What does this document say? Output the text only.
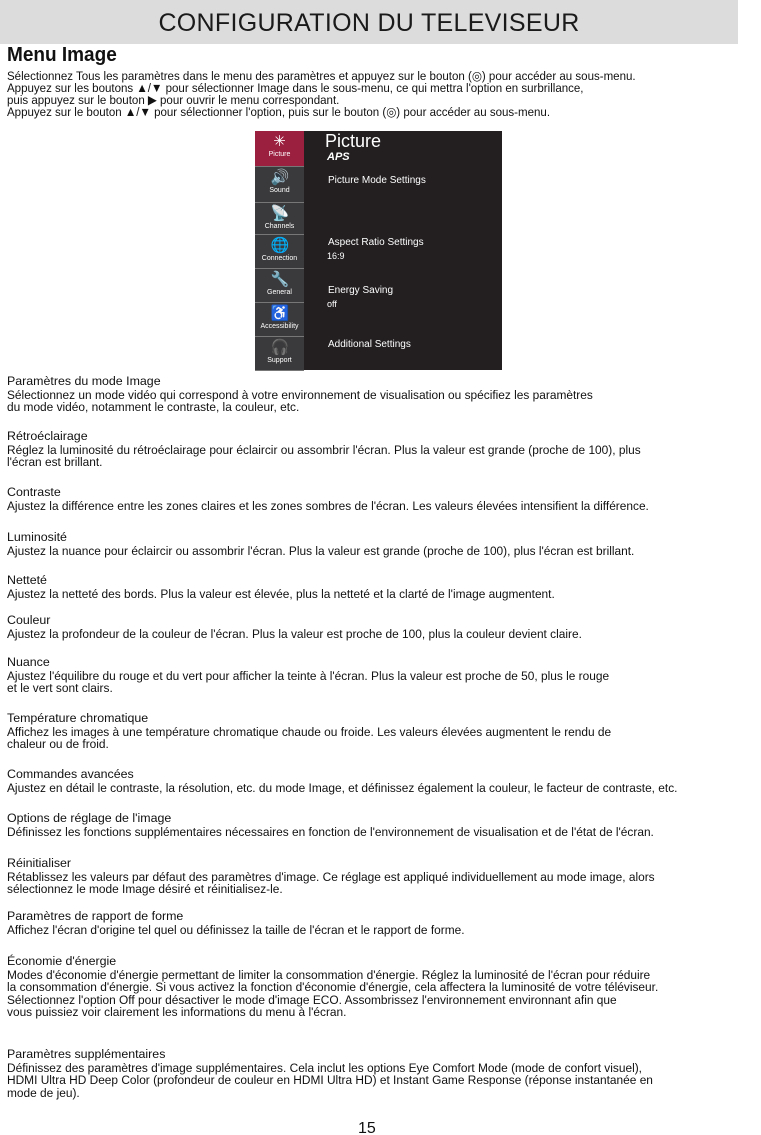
CONFIGURATION DU TELEVISEUR
Menu Image
Sélectionnez Tous les paramètres dans le menu des paramètres et appuyez sur le bouton (◎) pour accéder au sous-menu.
Appuyez sur les boutons ▲/▼ pour sélectionner Image dans le sous-menu, ce qui mettra l'option en surbrillance,
puis appuyez sur le bouton ▶ pour ouvrir le menu correspondant.
Appuyez sur le bouton ▲/▼ pour sélectionner l'option, puis sur le bouton (◎) pour accéder au sous-menu.
✳
Picture
🔊
Sound
📡
Channels
🌐
Connection
🔧
General
♿
Accessibility
🎧
Support
Picture
APS
Picture Mode Settings
Aspect Ratio Settings
16:9
Energy Saving
off
Additional Settings
Paramètres du mode Image
Sélectionnez un mode vidéo qui correspond à votre environnement de visualisation ou spécifiez les paramètres
du mode vidéo, notamment le contraste, la couleur, etc.
Rétroéclairage
Réglez la luminosité du rétroéclairage pour éclaircir ou assombrir l'écran. Plus la valeur est grande (proche de 100), plus
l'écran est brillant.
Contraste
Ajustez la différence entre les zones claires et les zones sombres de l'écran. Les valeurs élevées intensifient la différence.
Luminosité
Ajustez la nuance pour éclaircir ou assombrir l'écran. Plus la valeur est grande (proche de 100), plus l'écran est brillant.
Netteté
Ajustez la netteté des bords. Plus la valeur est élevée, plus la netteté et la clarté de l'image augmentent.
Couleur
Ajustez la profondeur de la couleur de l'écran. Plus la valeur est proche de 100, plus la couleur devient claire.
Nuance
Ajustez l'équilibre du rouge et du vert pour afficher la teinte à l'écran. Plus la valeur est proche de 50, plus le rouge
et le vert sont clairs.
Température chromatique
Affichez les images à une température chromatique chaude ou froide. Les valeurs élevées augmentent le rendu de
chaleur ou de froid.
Commandes avancées
Ajustez en détail le contraste, la résolution, etc. du mode Image, et définissez également la couleur, le facteur de contraste, etc.
Options de réglage de l'image
Définissez les fonctions supplémentaires nécessaires en fonction de l'environnement de visualisation et de l'état de l'écran.
Réinitialiser
Rétablissez les valeurs par défaut des paramètres d'image. Ce réglage est appliqué individuellement au mode image, alors
sélectionnez le mode Image désiré et réinitialisez-le.
Paramètres de rapport de forme
Affichez l'écran d'origine tel quel ou définissez la taille de l'écran et le rapport de forme.
Économie d'énergie
Modes d'économie d'énergie permettant de limiter la consommation d'énergie. Réglez la luminosité de l'écran pour réduire
la consommation d'énergie. Si vous activez la fonction d'économie d'énergie, cela affectera la luminosité de votre téléviseur.
Sélectionnez l'option Off pour désactiver le mode d'image ECO. Assombrissez l'environnement environnant afin que
vous puissiez voir clairement les informations du menu à l'écran.
Paramètres supplémentaires
Définissez des paramètres d'image supplémentaires. Cela inclut les options Eye Comfort Mode (mode de confort visuel),
HDMI Ultra HD Deep Color (profondeur de couleur en HDMI Ultra HD) et Instant Game Response (réponse instantanée en
mode de jeu).
15
